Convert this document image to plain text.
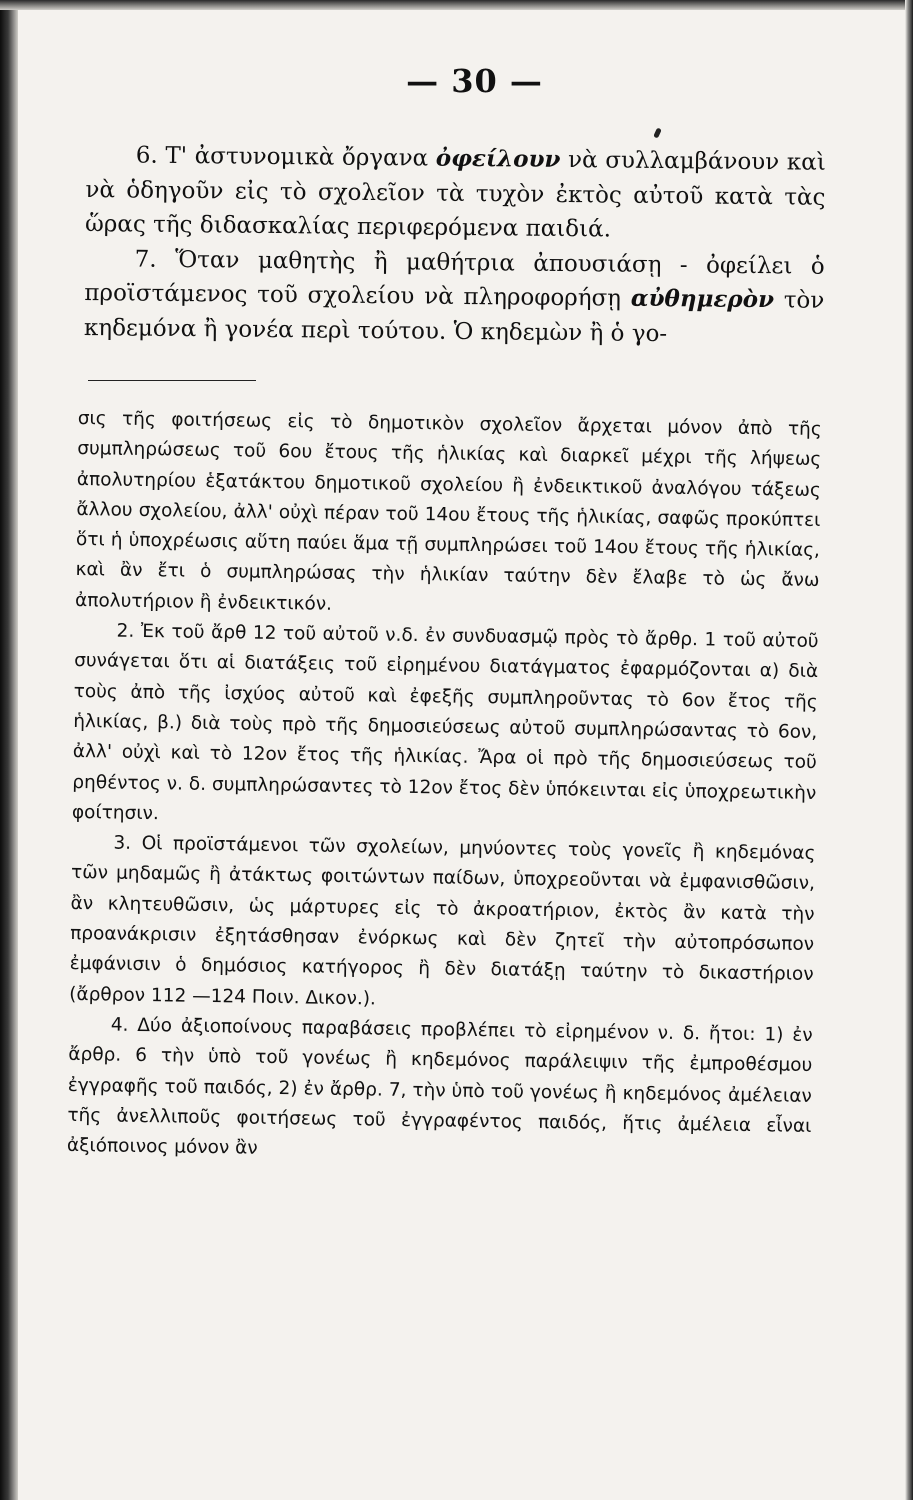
— 30 —

6. Τ' ἀστυνομικὰ ὄργανα ὀφείλουν νὰ συλλαμβάνουν καὶ νὰ ὁδηγοῦν εἰς τὸ σχολεῖον τὰ τυχὸν ἐκτὸς αὐτοῦ κατὰ τὰς ὥρας τῆς διδασκαλίας περιφερόμενα παιδιά.

7. Ὅταν μαθητὴς ἢ μαθήτρια ἀπουσιάσῃ - ὀφείλει ὁ προϊστάμενος τοῦ σχολείου νὰ πληροφορήσῃ αὐθημερὸν τὸν κηδεμόνα ἢ γονέα περὶ τούτου. Ὁ κηδεμὼν ἢ ὁ γο-

σις τῆς φοιτήσεως εἰς τὸ δημοτικὸν σχολεῖον ἄρχεται μόνον ἀπὸ τῆς συμπληρώσεως τοῦ 6ου ἔτους τῆς ἡλικίας καὶ διαρκεῖ μέχρι τῆς λήψεως ἀπολυτηρίου ἑξατάκτου δημοτικοῦ σχολείου ἢ ἐνδεικτικοῦ ἀναλόγου τάξεως ἄλλου σχολείου, ἀλλ' οὐχὶ πέραν τοῦ 14ου ἔτους τῆς ἡλικίας, σαφῶς προκύπτει ὅτι ἡ ὑποχρέωσις αὕτη παύει ἅμα τῇ συμπληρώσει τοῦ 14ου ἔτους τῆς ἡλικίας, καὶ ἂν ἔτι ὁ συμπληρώσας τὴν ἡλικίαν ταύτην δὲν ἔλαβε τὸ ὡς ἄνω ἀπολυτήριον ἢ ἐνδεικτικόν.

2. Ἐκ τοῦ ἄρθ 12 τοῦ αὐτοῦ ν.δ. ἐν συνδυασμῷ πρὸς τὸ ἄρθρ. 1 τοῦ αὐτοῦ συνάγεται ὅτι αἱ διατάξεις τοῦ εἰρημένου διατάγματος ἐφαρμόζονται α) διὰ τοὺς ἀπὸ τῆς ἰσχύος αὐτοῦ καὶ ἐφεξῆς συμπληροῦντας τὸ 6ον ἔτος τῆς ἡλικίας, β.) διὰ τοὺς πρὸ τῆς δημοσιεύσεως αὐτοῦ συμπληρώσαντας τὸ 6ον, ἀλλ' οὐχὶ καὶ τὸ 12ον ἔτος τῆς ἡλικίας. Ἄρα οἱ πρὸ τῆς δημοσιεύσεως τοῦ ρηθέντος ν. δ. συμπληρώσαντες τὸ 12ον ἔτος δὲν ὑπόκεινται εἰς ὑποχρεωτικὴν φοίτησιν.

3. Οἱ προϊστάμενοι τῶν σχολείων, μηνύοντες τοὺς γονεῖς ἢ κηδεμόνας τῶν μηδαμῶς ἢ ἀτάκτως φοιτώντων παίδων, ὑποχρεοῦνται νὰ ἐμφανισθῶσιν, ἂν κλητευθῶσιν, ὡς μάρτυρες εἰς τὸ ἀκροατήριον, ἐκτὸς ἂν κατὰ τὴν προανάκρισιν ἐξητάσθησαν ἐνόρκως καὶ δὲν ζητεῖ τὴν αὐτοπρόσωπον ἐμφάνισιν ὁ δημόσιος κατήγορος ἢ δὲν διατάξῃ ταύτην τὸ δικαστήριον (ἄρθρον 112 —124 Ποιν. Δικον.).

4. Δύο ἀξιοποίνους παραβάσεις προβλέπει τὸ εἰρημένον ν. δ. ἤτοι: 1) ἐν ἄρθρ. 6 τὴν ὑπὸ τοῦ γονέως ἢ κηδεμόνος παράλειψιν τῆς ἐμπροθέσμου ἐγγραφῆς τοῦ παιδός, 2) ἐν ἄρθρ. 7, τὴν ὑπὸ τοῦ γονέως ἢ κηδεμόνος ἀμέλειαν τῆς ἀνελλιποῦς φοιτήσεως τοῦ ἐγγραφέντος παιδός, ἥτις ἀμέλεια εἶναι ἀξιόποινος μόνον ἂν
